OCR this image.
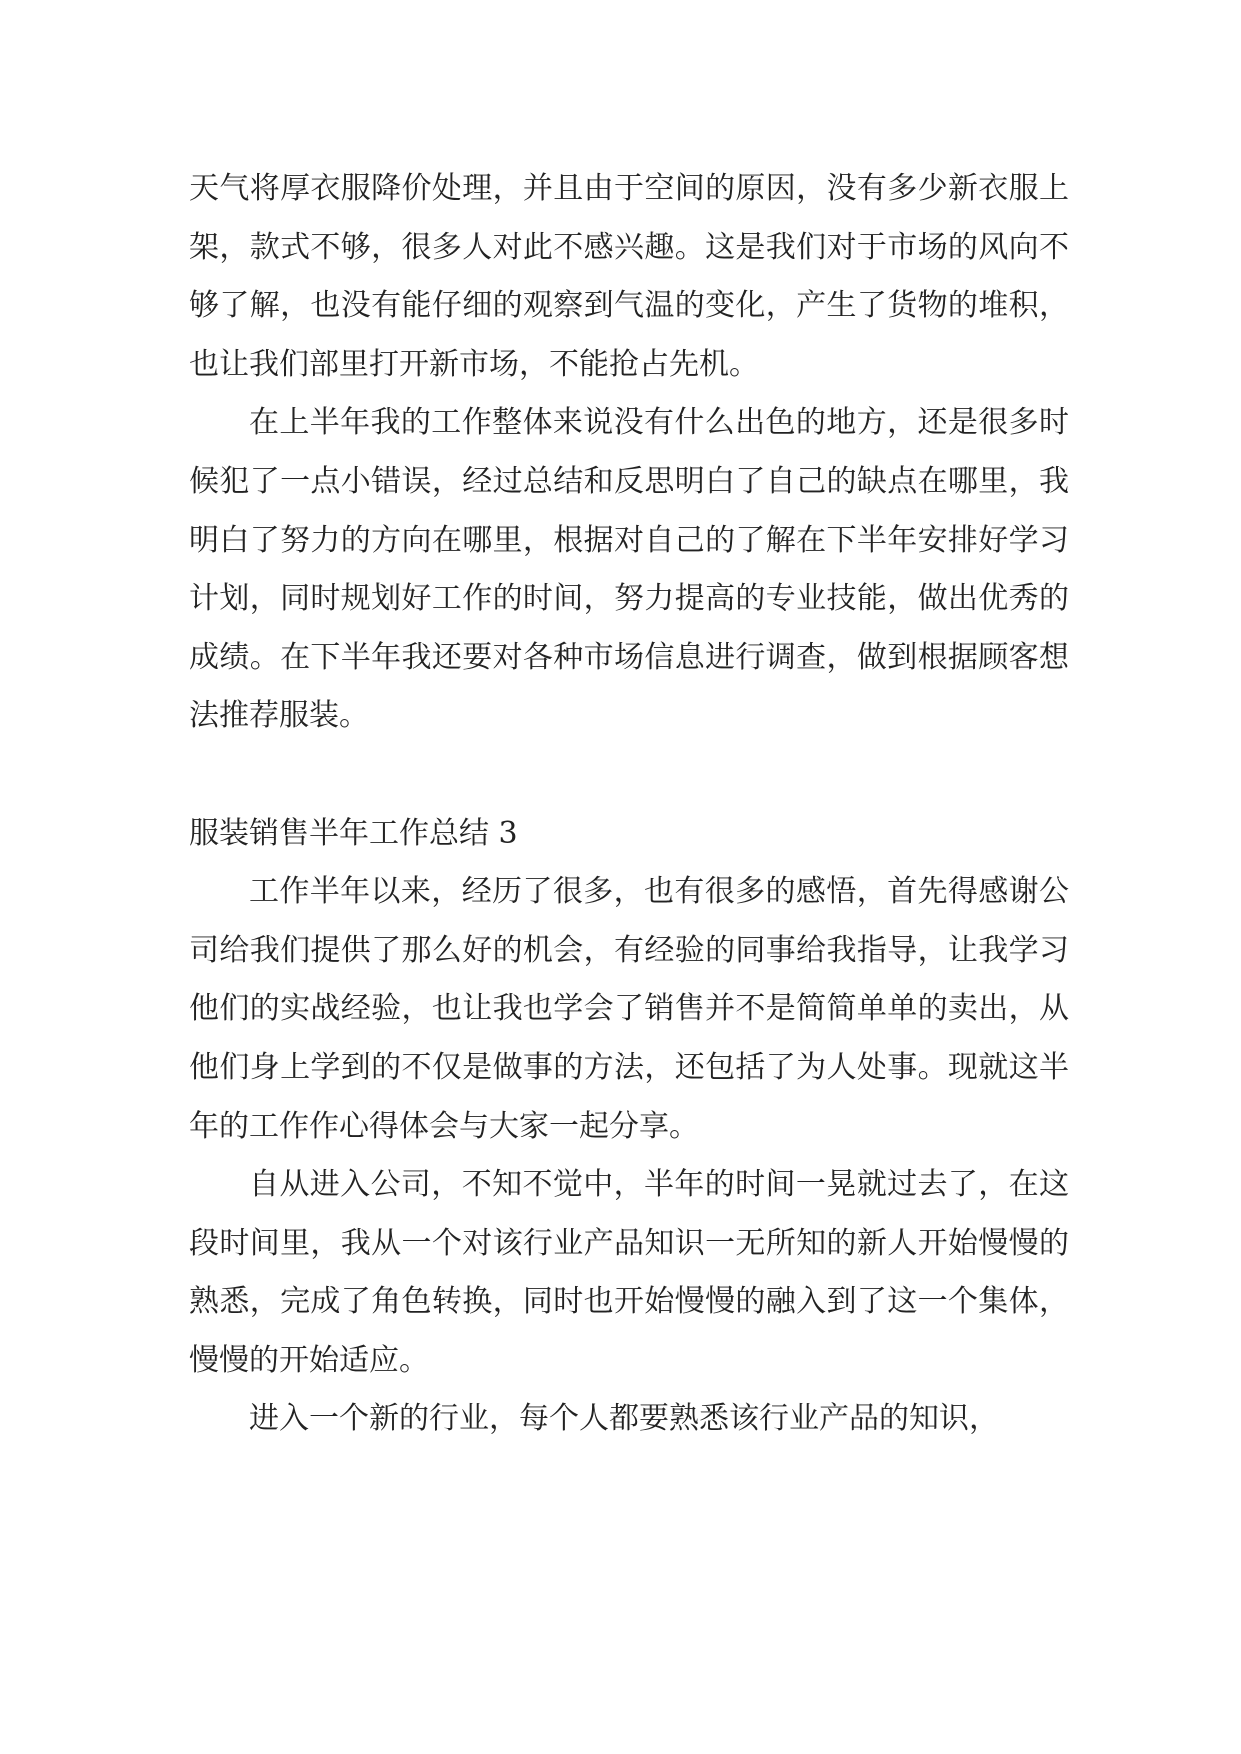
天气将厚衣服降价处理，并且由于空间的原因，没有多少新衣服上架，款式不够，很多人对此不感兴趣。这是我们对于市场的风向不够了解，也没有能仔细的观察到气温的变化，产生了货物的堆积，也让我们部里打开新市场，不能抢占先机。

在上半年我的工作整体来说没有什么出色的地方，还是很多时候犯了一点小错误，经过总结和反思明白了自己的缺点在哪里，我明白了努力的方向在哪里，根据对自己的了解在下半年安排好学习计划，同时规划好工作的时间，努力提高的专业技能，做出优秀的成绩。在下半年我还要对各种市场信息进行调查，做到根据顾客想法推荐服装。

服装销售半年工作总结 3

工作半年以来，经历了很多，也有很多的感悟，首先得感谢公司给我们提供了那么好的机会，有经验的同事给我指导，让我学习他们的实战经验，也让我也学会了销售并不是简简单单的卖出，从他们身上学到的不仅是做事的方法，还包括了为人处事。现就这半年的工作作心得体会与大家一起分享。

自从进入公司，不知不觉中，半年的时间一晃就过去了，在这段时间里，我从一个对该行业产品知识一无所知的新人开始慢慢的熟悉，完成了角色转换，同时也开始慢慢的融入到了这一个集体，慢慢的开始适应。

进入一个新的行业，每个人都要熟悉该行业产品的知识，
